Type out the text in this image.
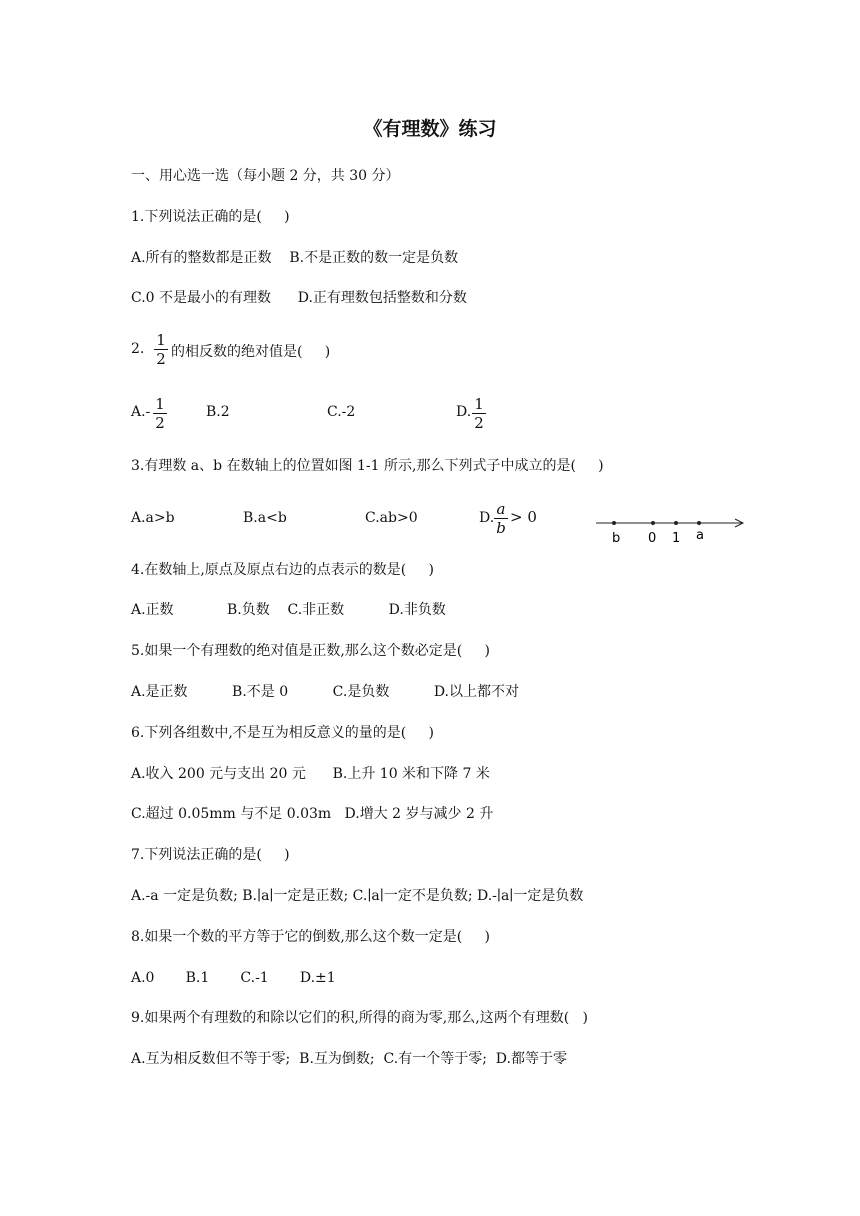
《有理数》练习
一、用心选一选（每小题 2 分，共 30 分）
1.下列说法正确的是(     )
A.所有的整数都是正数    B.不是正数的数一定是负数
C.0 不是最小的有理数      D.正有理数包括整数和分数
2. 1
2 的相反数的绝对值是(     )
A.- 1
2
B.2	C.-2	D. 1
2
3.有理数 a、b 在数轴上的位置如图 1-1 所示,那么下列式子中成立的是(     )
A.a>b	B.a<b	C.ab>0	D. a
b
> 0
b 0 1 a
4.在数轴上,原点及原点右边的点表示的数是(     )
A.正数            B.负数    C.非正数          D.非负数
5.如果一个有理数的绝对值是正数,那么这个数必定是(     )
A.是正数          B.不是 0          C.是负数          D.以上都不对
6.下列各组数中,不是互为相反意义的量的是(     )
A.收入 200 元与支出 20 元      B.上升 10 米和下降 7 米
C.超过 0.05mm 与不足 0.03m   D.增大 2 岁与减少 2 升
7.下列说法正确的是(     )
A.-a 一定是负数; B.∣a∣一定是正数; C.∣a∣一定不是负数; D.-∣a∣一定是负数
8.如果一个数的平方等于它的倒数,那么这个数一定是(     )
A.0       B.1       C.-1       D.±1
9.如果两个有理数的和除以它们的积,所得的商为零,那么,这两个有理数(   )
A.互为相反数但不等于零;  B.互为倒数;  C.有一个等于零;  D.都等于零
